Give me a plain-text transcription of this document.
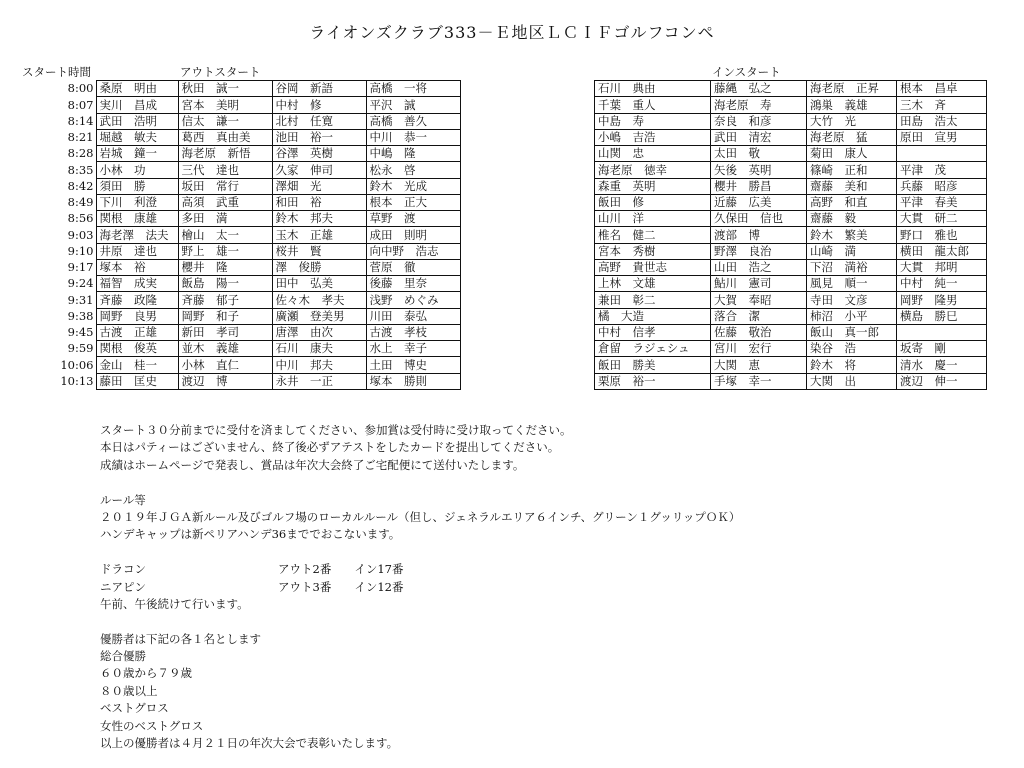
ライオンズクラブ333－Ｅ地区ＬＣＩＦゴルフコンペ
スタート時間	アウトスタート	インスタート
8:00	桑原　明由	秋田　誠一	谷岡　新語	高橋　一将
8:07	実川　昌成	宮本　美明	中村　修	平沢　誠
8:14	武田　浩明	信太　謙一	北村　任寛	高橋　善久
8:21	堀越　敏夫	葛西　真由美	池田　裕一	中川　恭一
8:28	岩城　鐘一	海老原　新悟	谷澤　英樹	中嶋　隆
8:35	小林　功	三代　達也	久家　伸司	松永　啓
8:42	須田　勝	坂田　常行	澤畑　光	鈴木　光成
8:49	下川　利澄	高須　武重	和田　裕	根本　正大
8:56	関根　康雄	多田　満	鈴木　邦夫	草野　渡
9:03	海老澤　法夫	檜山　太一	玉木　正雄	成田　則明
9:10	井原　達也	野上　雄一	桜井　賢	向中野　浩志
9:17	塚本　裕	櫻井　隆	澤　俊勝	菅原　徹
9:24	福智　成実	飯島　陽一	田中　弘美	後藤　里奈
9:31	斉藤　政隆	斉藤　郁子	佐々木　孝夫	浅野　めぐみ
9:38	岡野　良男	岡野　和子	廣瀬　登美男	川田　泰弘
9:45	古渡　正雄	新田　孝司	唐澤　由次	古渡　孝枝
9:59	関根　俊英	並木　義雄	石川　康夫	水上　幸子
10:06	金山　桂一	小林　直仁	中川　邦夫	土田　博史
10:13	藤田　匡史	渡辺　博	永井　一正	塚本　勝則
石川　典由	藤縄　弘之	海老原　正昇	根本　昌卓
千葉　重人	海老原　寿	鴻巣　義雄	三木　斉
中島　寿	奈良　和彦	大竹　光	田島　浩太
小嶋　吉浩	武田　清宏	海老原　猛	原田　宣男
山関　忠	太田　敬	菊田　康人	
海老原　徳幸	矢後　英明	篠崎　正和	平津　茂
森重　英明	櫻井　勝昌	齋藤　美和	兵藤　昭彦
飯田　修	近藤　広美	高野　和直	平津　春美
山川　洋	久保田　信也	齋藤　毅	大貫　研二
椎名　健二	渡部　博	鈴木　繁美	野口　雅也
宮本　秀樹	野澤　良治	山崎　満	横田　龍太郎
高野　貴世志	山田　浩之	下沼　満裕	大貫　邦明
上林　文雄	鮎川　憲司	風見　順一	中村　純一
兼田　彰二	大賀　奉昭	寺田　文彦	岡野　隆男
橘　大造	落合　潔	柿沼　小平	横島　勝巳
中村　信孝	佐藤　敬治	飯山　真一郎	
倉留　ラジェシュ	宮川　宏行	染谷　浩	坂寄　剛
飯田　勝美	大関　恵	鈴木　将	清水　慶一
栗原　裕一	手塚　幸一	大関　出	渡辺　伸一
スタート３０分前までに受付を済ましてください、参加賞は受付時に受け取ってください。
本日はパティーはございません、終了後必ずアテストをしたカードを提出してください。
成績はホームページで発表し、賞品は年次大会終了ご宅配便にて送付いたします。
ルール等
２０１９年ＪＧＡ新ルール及びゴルフ場のローカルルール（但し、ジェネラルエリア６インチ、グリーン１グッリップＯＫ）
ハンデキャップは新ペリアハンデ36まででおこないます。
ドラコン	アウト2番　　イン17番
ニアピン	アウト3番　　イン12番
午前、午後続けて行います。
優勝者は下記の各１名とします
総合優勝
６０歳から７９歳
８０歳以上
ベストグロス
女性のベストグロス
以上の優勝者は４月２１日の年次大会で表彰いたします。
